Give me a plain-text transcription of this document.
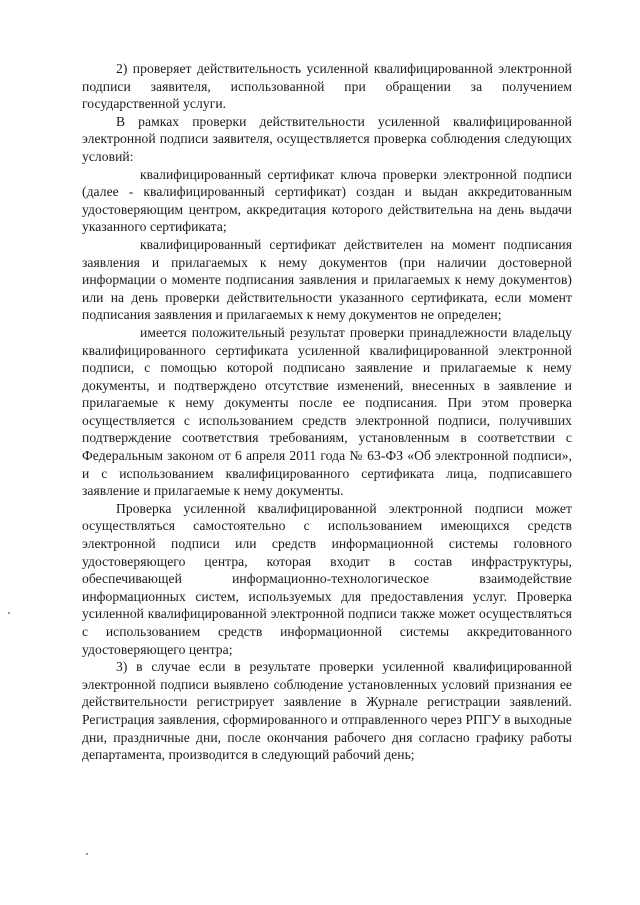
2) проверяет действительность усиленной квалифицированной электронной подписи заявителя, использованной при обращении за получением государственной услуги.

В рамках проверки действительности усиленной квалифицированной электронной подписи заявителя, осуществляется проверка соблюдения следующих условий:

квалифицированный сертификат ключа проверки электронной подписи (далее - квалифицированный сертификат) создан и выдан аккредитованным удостоверяющим центром, аккредитация которого действительна на день выдачи указанного сертификата;

квалифицированный сертификат действителен на момент подписания заявления и прилагаемых к нему документов (при наличии достоверной информации о моменте подписания заявления и прилагаемых к нему документов) или на день проверки действительности указанного сертификата, если момент подписания заявления и прилагаемых к нему документов не определен;

имеется положительный результат проверки принадлежности владельцу квалифицированного сертификата усиленной квалифицированной электронной подписи, с помощью которой подписано заявление и прилагаемые к нему документы, и подтверждено отсутствие изменений, внесенных в заявление и прилагаемые к нему документы после ее подписания. При этом проверка осуществляется с использованием средств электронной подписи, получивших подтверждение соответствия требованиям, установленным в соответствии с Федеральным законом от 6 апреля 2011 года № 63-ФЗ «Об электронной подписи», и с использованием квалифицированного сертификата лица, подписавшего заявление и прилагаемые к нему документы.

Проверка усиленной квалифицированной электронной подписи может осуществляться самостоятельно с использованием имеющихся средств электронной подписи или средств информационной системы головного удостоверяющего центра, которая входит в состав инфраструктуры, обеспечивающей информационно-технологическое взаимодействие информационных систем, используемых для предоставления услуг. Проверка усиленной квалифицированной электронной подписи также может осуществляться с использованием средств информационной системы аккредитованного удостоверяющего центра;

3) в случае если в результате проверки усиленной квалифицированной электронной подписи выявлено соблюдение установленных условий признания ее действительности регистрирует заявление в Журнале регистрации заявлений. Регистрация заявления, сформированного и отправленного через РПГУ в выходные дни, праздничные дни, после окончания рабочего дня согласно графику работы департамента, производится в следующий рабочий день;
